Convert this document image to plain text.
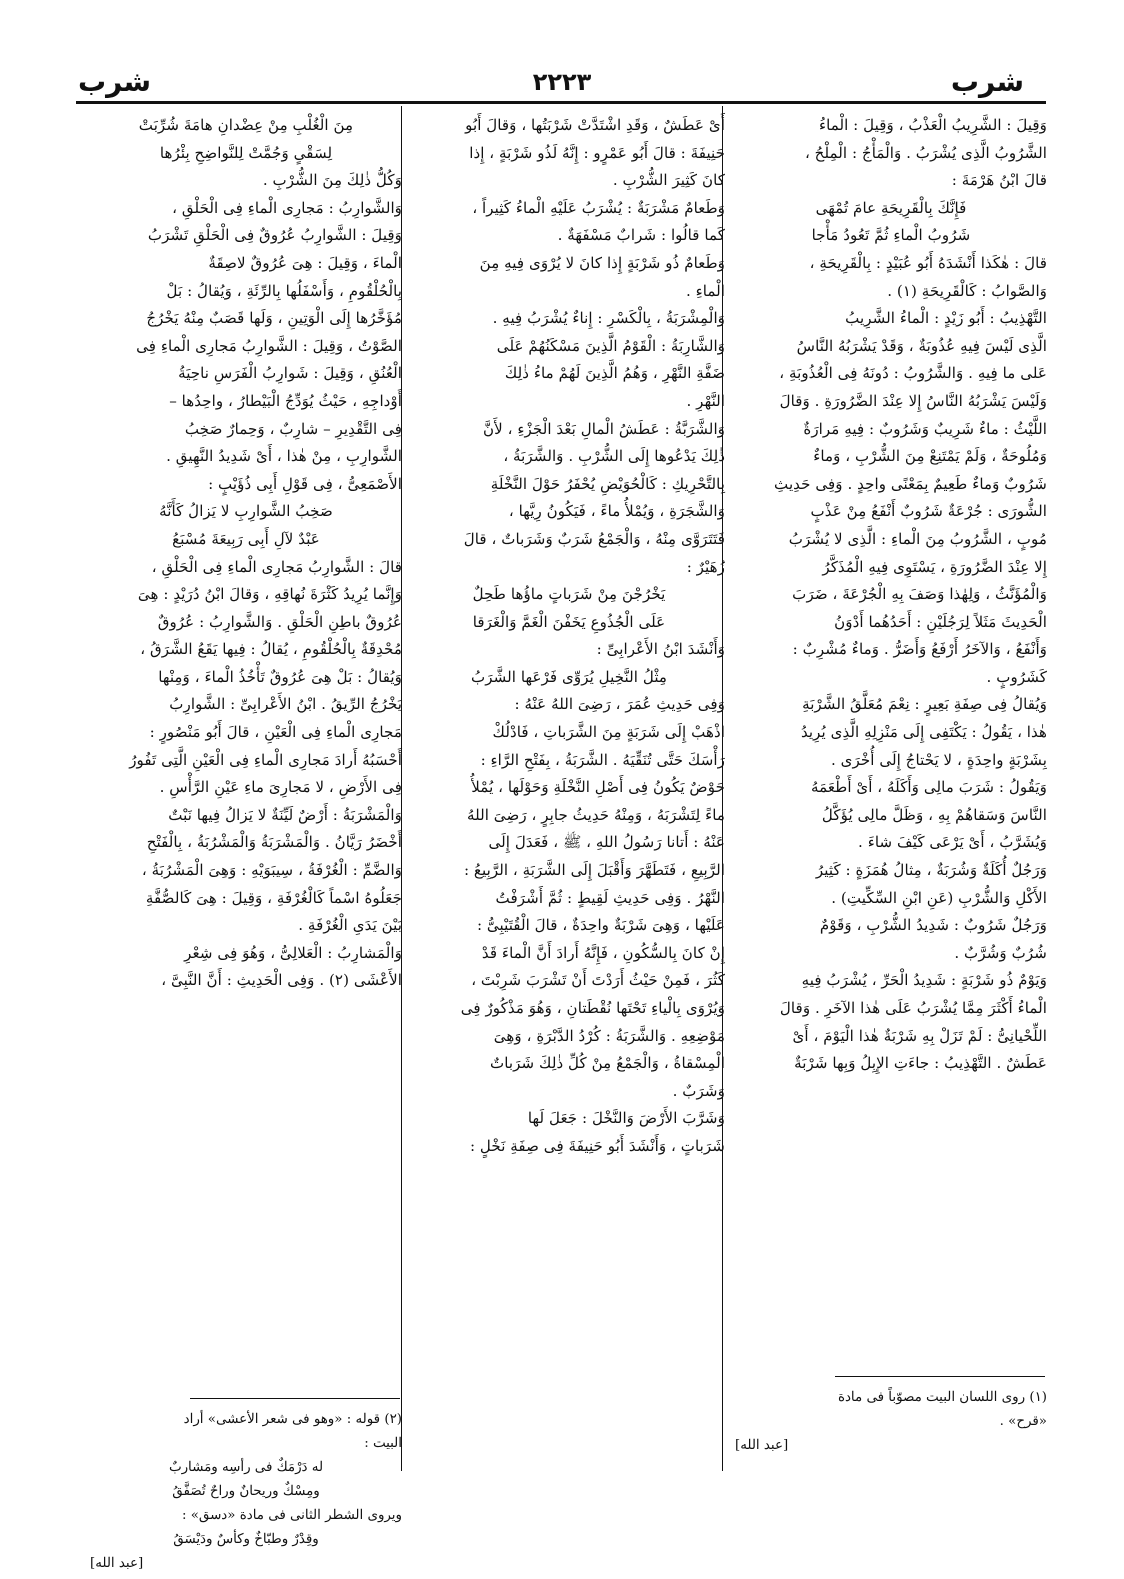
شرب
٢٢٢٣
شرب

وَقِيلَ : الشَّرِيبُ الْعَذْبُ ، وَقِيلَ : الْماءُ

الشَّرُوبُ الَّذِى يُشْرَبُ . وَالْمَأْجُ : الْمِلْحُ ،

قالَ ابْنُ هَرْمَةَ :

فَإِنَّكَ بِالْقَرِيحَةِ عامَ تُمْهَى

شَرُوبُ الْماءِ ثُمَّ تَعُودُ مَأْجا

قالَ : هٰكَذا أَنْشَدَهُ أَبُو عُبَيْدٍ : بِالْقَرِيحَةِ ،

وَالصَّوابُ : كَالْقَرِيحَةِ (١) .

التَّهْذِيبُ : أَبُو زَيْدٍ : الْماءُ الشَّرِيبُ

الَّذِى لَيْسَ فِيهِ عُذُوبَةٌ ، وَقَدْ يَشْرَبُهُ النَّاسُ

عَلى ما فِيهِ . وَالشَّرُوبُ : دُونَهُ فِى الْعُذُوبَةِ ،

وَلَيْسَ يَشْرَبُهُ النَّاسُ إِلا عِنْدَ الضَّرُورَةِ . وَقالَ

اللَّيْثُ : ماءٌ شَرِيبٌ وَشَرُوبٌ : فِيهِ مَرارَةٌ

وَمُلُوحَةٌ ، وَلَمْ يَمْتَنِعْ مِنَ الشُّرْبِ ، وَماءٌ

شَرُوبٌ وَماءٌ طَعِيمٌ بِمَعْنًى واحِدٍ . وَفِى حَدِيثِ

الشُّورَى : جُرْعَةٌ شَرُوبٌ أَنْفَعُ مِنْ عَذْبٍ

مُوبٍ ، الشَّرُوبُ مِنَ الْماءِ : الَّذِى لا يُشْرَبُ

إِلا عِنْدَ الضَّرُورَةِ ، يَسْتَوِى فِيهِ الْمُذَكَّرُ

وَالْمُؤَنَّثُ ، وَلِهٰذا وَصَفَ بِهِ الْجُرْعَةَ ، ضَرَبَ

الْحَدِيثَ مَثَلاً لِرَجُلَيْنِ : أَحَدُهُما أَدْوَنُ

وَأَنْفَعُ ، وَالآخَرُ أَرْفَعُ وَأَضَرُّ . وَماءٌ مُشْرِبٌ :

كَشَرُوبٍ .

وَيُقالُ فِى صِفَةِ بَعِيرٍ : نِعْمَ مُعَلَّقُ الشَّرْبَةِ

هٰذا ، يَقُولُ : يَكْتَفِى إِلَى مَنْزِلِهِ الَّذِى يُرِيدُ

بِشَرْبَةٍ واحِدَةٍ ، لا يَحْتاجُ إِلَى أُخْرَى .

وَيَقُولُ : شَرَبَ مالِى وَأَكَلَهُ ، أَىْ أَطْعَمَهُ

النَّاسَ وَسَقاهُمْ بِهِ ، وَظَلَّ مالِى يُؤَكَّلُ

وَيُشَرَّبُ ، أَىْ يَرْعَى كَيْفَ شاءَ .

وَرَجُلٌ أُكَلَةٌ وَشُرَبَةٌ ، مِثالُ هُمَزَةٍ : كَثِيرُ

الأَكْلِ وَالشُّرْبِ (عَنِ ابْنِ السِّكِّيتِ) .

وَرَجُلٌ شَرُوبٌ : شَدِيدُ الشُّرْبِ ، وَقَوْمٌ

شُرُبٌ وَشُرَّبٌ .

وَيَوْمٌ ذُو شَرْبَةٍ : شَدِيدُ الْحَرِّ ، يُشْرَبُ فِيهِ

الْماءُ أَكْثَرَ مِمَّا يُشْرَبُ عَلَى هٰذا الآخَرِ . وَقالَ

اللِّحْيانِىُّ : لَمْ تَزَلْ بِهِ شَرْبَةٌ هٰذا الْيَوْمَ ، أَىْ

عَطَشٌ . التَّهْذِيبُ : جاءَتِ الإِبِلُ وَبِها شَرْبَةٌ

أَىْ عَطَشٌ ، وَقَدِ اشْتَدَّتْ شَرْبَتُها ، وَقالَ أَبُو

حَنِيفَةَ : قالَ أَبُو عَمْرٍو : إِنَّهُ لَذُو شَرْبَةٍ ، إِذا

كانَ كَثِيرَ الشُّرْبِ .

وَطَعامٌ مَشْرَبَةٌ : يُشْرَبُ عَلَيْهِ الْماءُ كَثِيراً ،

كَما قالُوا : شَرابٌ مَسْفَهَةٌ .

وَطَعامٌ ذُو شَرْبَةٍ إِذا كانَ لا يُرْوَى فِيهِ مِنَ

الْماءِ .

وَالْمِشْرَبَةُ ، بِالْكَسْرِ : إِناءٌ يُشْرَبُ فِيهِ .

وَالشَّارِبَةُ : الْقَوْمُ الَّذِينَ مَسْكَنُهُمْ عَلَى

ضَفَّةِ النَّهْرِ ، وَهُمُ الَّذِينَ لَهُمْ ماءُ ذٰلِكَ

النَّهْرِ .

وَالشَّرَبَّةُ : عَطَشُ الْمالِ بَعْدَ الْجَزْءِ ، لأَنَّ

ذٰلِكَ يَدْعُوها إِلَى الشُّرْبِ . وَالشَّرَبَةُ ،

بِالتَّحْرِيكِ : كَالْحُوَيْضِ يُحْفَرُ حَوْلَ النَّخْلَةِ

وَالشَّجَرَةِ ، وَيُمْلأُ ماءً ، فَيَكُونُ رِيَّها ،

فَتَتَرَوَّى مِنْهُ ، وَالْجَمْعُ شَرَبٌ وَشَرَباتٌ ، قالَ

زُهَيْرٌ :

يَخْرُجْنَ مِنْ شَرَباتٍ ماؤُها طَحِلٌ

عَلَى الْجُذُوعِ يَخَفْنَ الْغَمَّ وَالْغَرَقا

وَأَنْشَدَ ابْنُ الأَعْرابِىِّ :

مِثْلُ النَّخِيلِ يُرَوِّى فَرْعَها الشَّرَبُ

وَفِى حَدِيثِ عُمَرَ ، رَضِىَ اللهُ عَنْهُ :

اذْهَبْ إِلَى شَرَبَةٍ مِنَ الشَّرَباتِ ، فَادْلُكْ

رَأْسَكَ حَتَّى تُنَقِّيَهُ . الشَّرَبَةُ ، بِفَتْحِ الرَّاءِ :

حَوْضٌ يَكُونُ فِى أَصْلِ النَّخْلَةِ وَحَوْلَها ، يُمْلأُ

ماءً لِتَشْرَبَهُ ، وَمِنْهُ حَدِيثُ جابِرٍ ، رَضِىَ اللهُ

عَنْهُ : أَتانا رَسُولُ اللهِ ، ﷺ ، فَعَدَلَ إِلَى

الرَّبِيعِ ، فَتَطَهَّرَ وَأَقْبَلَ إِلَى الشَّرَبَةِ ، الرَّبِيعُ :

النَّهْرُ . وَفِى حَدِيثِ لَقِيطٍ : ثُمَّ أَشْرَفْتُ

عَلَيْها ، وَهِىَ شَرْبَةٌ واحِدَةٌ ، قالَ الْقُتَيْبِىُّ :

إِنْ كانَ بِالسُّكُونِ ، فَإِنَّهُ أَرادَ أَنَّ الْماءَ قَدْ

كَثُرَ ، فَمِنْ حَيْثُ أَرَدْتَ أَنْ تَشْرَبَ شَرِبْتَ ،

وَيُرْوَى بِالْياءِ تَحْتَها نُقْطَتانِ ، وَهُوَ مَذْكُورٌ فِى

مَوْضِعِهِ . وَالشَّرَبَةُ : كُرْدُ الدَّبْرَةِ ، وَهِىَ

الْمِسْقاةُ ، وَالْجَمْعُ مِنْ كُلِّ ذٰلِكَ شَرَباتٌ

وَشَرَبٌ .

وَشَرَّبَ الأَرْضَ وَالنَّخْلَ : جَعَلَ لَها

شَرَباتٍ ، وَأَنْشَدَ أَبُو حَنِيفَةَ فِى صِفَةِ نَخْلٍ :

مِنَ الْغُلْبِ مِنْ عِضْدانِ هامَةَ شُرِّبَتْ

لِسَقْىٍ وَجُمَّتْ لِلنَّواضِحِ بِئْرُها

وَكُلُّ ذٰلِكَ مِنَ الشُّرْبِ .

وَالشَّوارِبُ : مَجارِى الْماءِ فِى الْحَلْقِ ،

وَقِيلَ : الشَّوارِبُ عُرُوقٌ فِى الْحَلْقِ تَشْرَبُ

الْماءَ ، وَقِيلَ : هِىَ عُرُوقٌ لاصِقَةٌ

بِالْحُلْقُومِ ، وَأَسْفَلُها بِالرِّئَةِ ، وَيُقالُ : بَلْ

مُؤَخَّرُها إِلَى الْوَتِينِ ، وَلَها قَصَبٌ مِنْهُ يَخْرُجُ

الصَّوْتُ ، وَقِيلَ : الشَّوارِبُ مَجارِى الْماءِ فِى

الْعُنُقِ ، وَقِيلَ : شَوارِبُ الْفَرَسِ ناحِيَةُ

أَوْداجِهِ ، حَيْثُ يُوَدِّجُ الْبَيْطارُ ، واحِدُها –

فِى التَّقْدِيرِ – شارِبٌ ، وَحِمارٌ صَخِبُ

الشَّوارِبِ ، مِنْ هٰذا ، أَىْ شَدِيدُ النَّهِيقِ .

الأَصْمَعِىُّ ، فِى قَوْلِ أَبِى ذُؤَيْبٍ :

صَخِبُ الشَّوارِبِ لا يَزالُ كَأَنَّهُ

عَبْدٌ لآلِ أَبِى رَبِيعَةَ مُسْبَعُ

قالَ : الشَّوارِبُ مَجارِى الْماءِ فِى الْحَلْقِ ،

وَإِنَّما يُرِيدُ كَثْرَةَ نُهاقِهِ ، وَقالَ ابْنُ دُرَيْدٍ : هِىَ

عُرُوقٌ باطِنِ الْحَلْقِ . وَالشَّوارِبُ : عُرُوقٌ

مُحْدِقَةٌ بِالْحُلْقُومِ ، يُقالُ : فِيها يَقَعُ الشَّرَقُ ،

وَيُقالُ : بَلْ هِىَ عُرُوقٌ تَأْخُذُ الْماءَ ، وَمِنْها

يَخْرُجُ الرِّيقُ . ابْنُ الأَعْرابِىِّ : الشَّوارِبُ

مَجارِى الْماءِ فِى الْعَيْنِ ، قالَ أَبُو مَنْصُورٍ :

أَحْسَبُهُ أَرادَ مَجارِى الْماءِ فِى الْعَيْنِ الَّتِى تَفُورُ

فِى الأَرْضِ ، لا مَجارِىَ ماءِ عَيْنِ الرَّأْسِ .

وَالْمَشْرَبَةُ : أَرْضٌ لَيِّنَةٌ لا يَزالُ فِيها نَبْتٌ

أَخْضَرُ رَيَّانُ . وَالْمَشْرَبَةُ وَالْمَشْرُبَةُ ، بِالْفَتْحِ

وَالضَّمِّ : الْغُرْفَةُ ، سِيبَوَيْهِ : وَهِىَ الْمَشْرُبَةُ ،

جَعَلُوهُ اسْماً كَالْغُرْفَةِ ، وَقِيلَ : هِىَ كَالصُّفَّةِ

بَيْنَ يَدَىِ الْغُرْفَةِ .

وَالْمَشارِبُ : الْعَلالِىُّ ، وَهُوَ فِى شِعْرِ

الأَعْشَى (٢) . وَفِى الْحَدِيثِ : أَنَّ النَّبِىَّ ،

(١) روى اللسان البيت مصوّباً فى مادة

«قرح» .

[عبد الله]

(٢) قوله : «وهو فى شعر الأعشى» أراد

البيت :

له دَرْمَكٌ فى رأسِه ومَشاربٌ

ومِسْكٌ وريحانٌ وراحٌ تُصَفَّقُ

ويروى الشطر الثانى فى مادة «دسق» :

وقِدْرٌ وطبّاخٌ وكأسٌ ودَيْسَقُ

[عبد الله]
